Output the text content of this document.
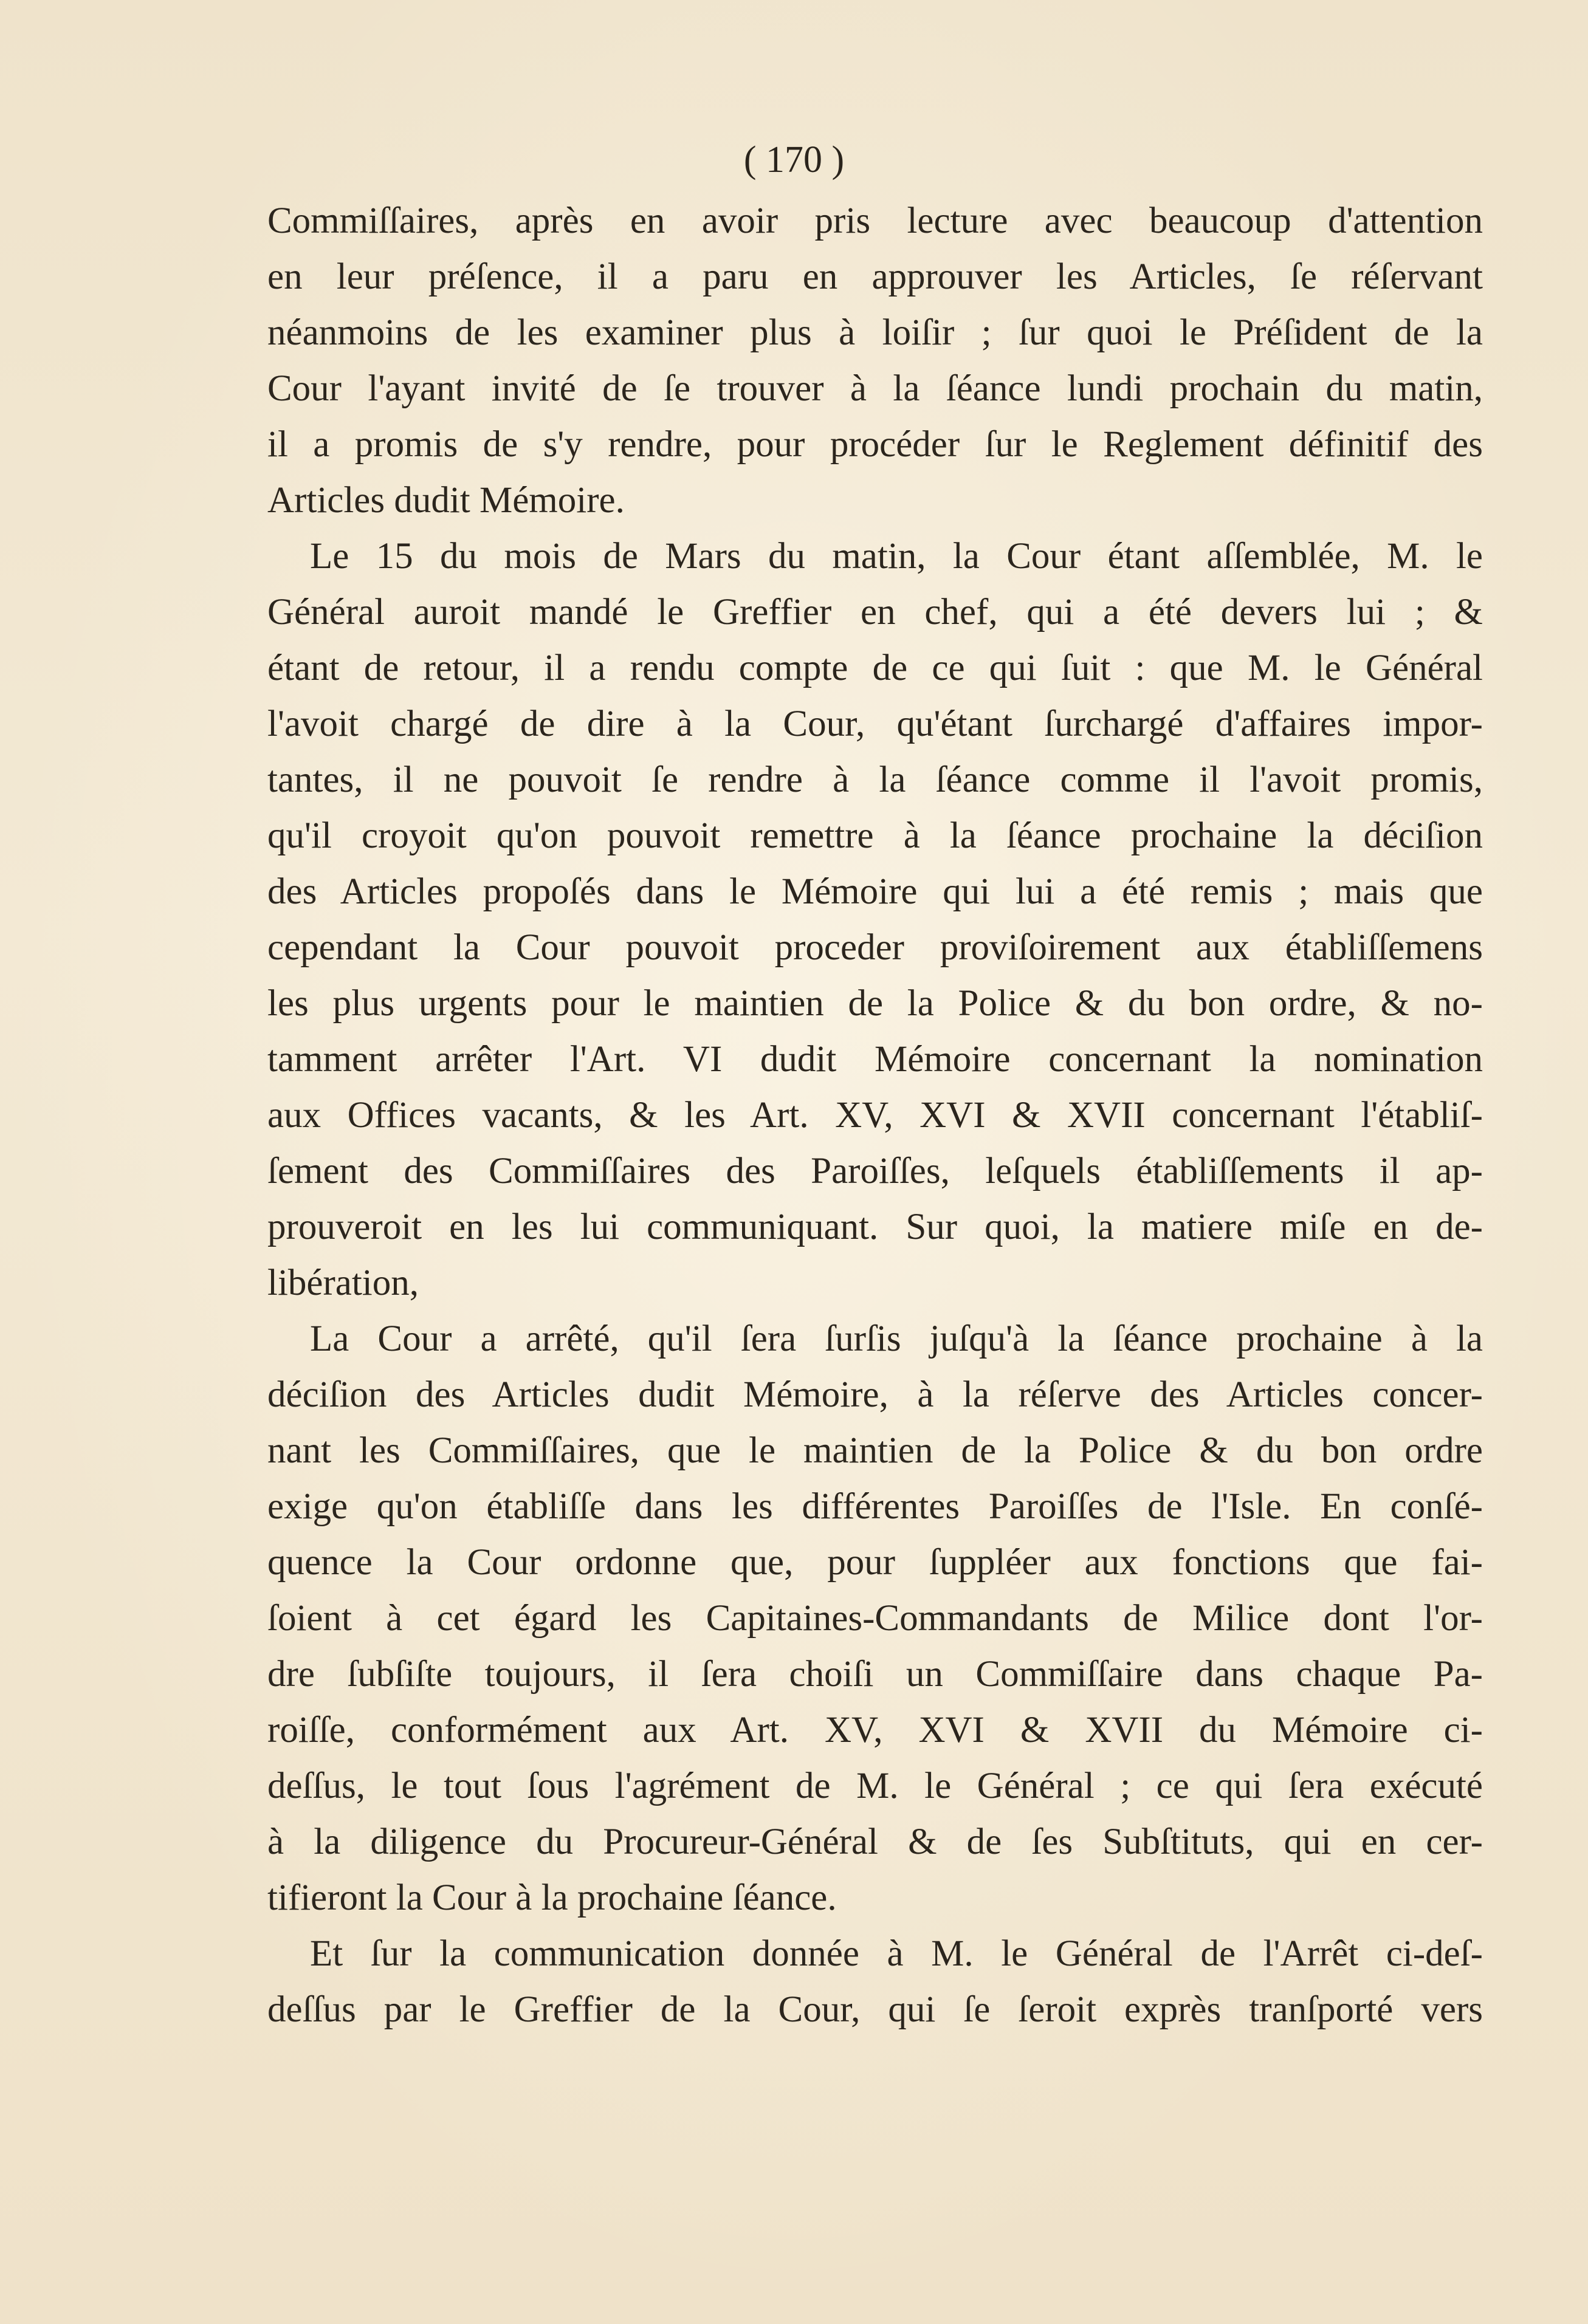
( 170 )
Commiſſaires, après en avoir pris lecture avec beaucoup d'attention
en leur préſence, il a paru en approuver les Articles, ſe réſervant
néanmoins de les examiner plus à loiſir ; ſur quoi le Préſident de la
Cour l'ayant invité de ſe trouver à la ſéance lundi prochain du matin,
il a promis de s'y rendre, pour procéder ſur le Reglement définitif des
Articles dudit Mémoire.
Le 15 du mois de Mars du matin, la Cour étant aſſemblée, M. le
Général auroit mandé le Greffier en chef, qui a été devers lui ; &
étant de retour, il a rendu compte de ce qui ſuit : que M. le Général
l'avoit chargé de dire à la Cour, qu'étant ſurchargé d'affaires impor-
tantes, il ne pouvoit ſe rendre à la ſéance comme il l'avoit promis,
qu'il croyoit qu'on pouvoit remettre à la ſéance prochaine la déciſion
des Articles propoſés dans le Mémoire qui lui a été remis ; mais que
cependant la Cour pouvoit proceder proviſoirement aux établiſſemens
les plus urgents pour le maintien de la Police & du bon ordre, & no-
tamment arrêter l'Art. VI dudit Mémoire concernant la nomination
aux Offices vacants, & les Art. XV, XVI & XVII concernant l'établiſ-
ſement des Commiſſaires des Paroiſſes, leſquels établiſſements il ap-
prouveroit en les lui communiquant. Sur quoi, la matiere miſe en de-
libération,
La Cour a arrêté, qu'il ſera ſurſis juſqu'à la ſéance prochaine à la
déciſion des Articles dudit Mémoire, à la réſerve des Articles concer-
nant les Commiſſaires, que le maintien de la Police & du bon ordre
exige qu'on établiſſe dans les différentes Paroiſſes de l'Isle. En conſé-
quence la Cour ordonne que, pour ſuppléer aux fonctions que fai-
ſoient à cet égard les Capitaines-Commandants de Milice dont l'or-
dre ſubſiſte toujours, il ſera choiſi un Commiſſaire dans chaque Pa-
roiſſe, conformément aux Art. XV, XVI & XVII du Mémoire ci-
deſſus, le tout ſous l'agrément de M. le Général ; ce qui ſera exécuté
à la diligence du Procureur-Général & de ſes Subſtituts, qui en cer-
tifieront la Cour à la prochaine ſéance.
Et ſur la communication donnée à M. le Général de l'Arrêt ci-deſ-
deſſus par le Greffier de la Cour, qui ſe ſeroit exprès tranſporté vers
